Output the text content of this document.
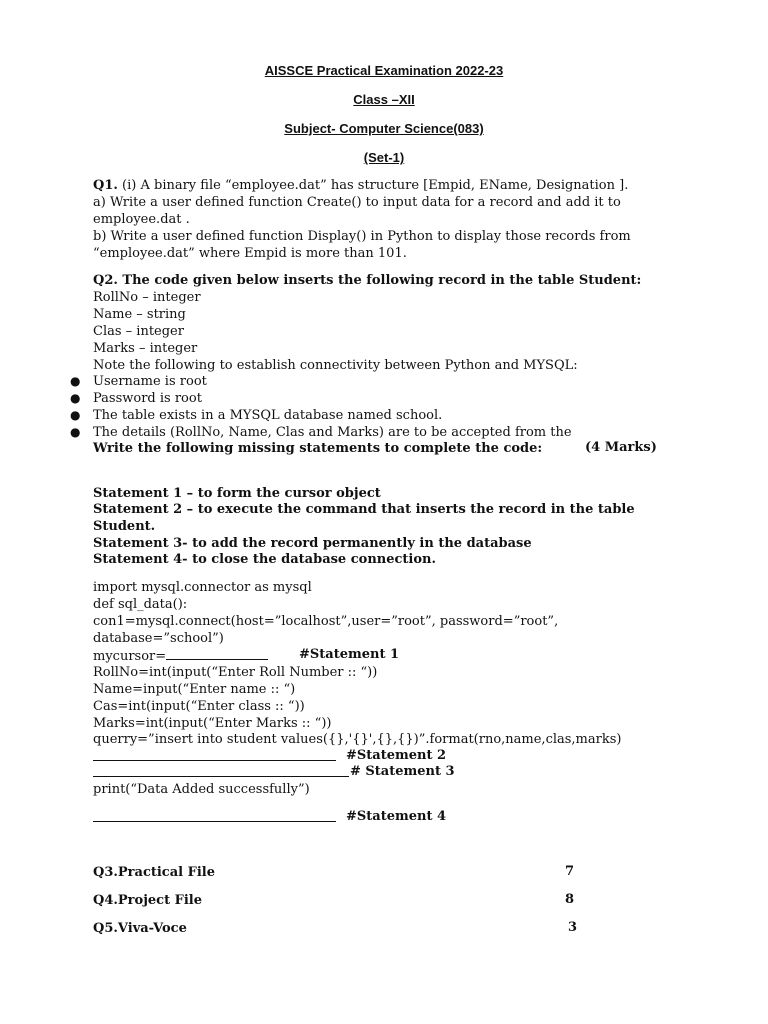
AISSCE Practical Examination 2022-23
Class –XII
Subject- Computer Science(083)
(Set-1)
Q1. (i) A binary file “employee.dat” has structure [Empid, EName, Designation ].
a) Write a user defined function Create() to input data for a record and add it to
employee.dat .
b) Write a user defined function Display() in Python to display those records from
“employee.dat” where Empid is more than 101.
Q2. The code given below inserts the following record in the table Student:
RollNo – integer
Name – string
Clas – integer
Marks – integer
Note the following to establish connectivity between Python and MYSQL:
● Username is root
● Password is root
● The table exists in a MYSQL database named school.
● The details (RollNo, Name, Clas and Marks) are to be accepted from the
Write the following missing statements to complete the code:	(4 Marks)
Statement 1 – to form the cursor object
Statement 2 – to execute the command that inserts the record in the table
Student.
Statement 3- to add the record permanently in the database
Statement 4- to close the database connection.
import mysql.connector as mysql
def sql_data():
con1=mysql.connect(host=”localhost”,user=”root”, password=”root”,
database=”school”)
mycursor=	#Statement 1
RollNo=int(input(“Enter Roll Number :: “))
Name=input(“Enter name :: “)
Cas=int(input(“Enter class :: “))
Marks=int(input(“Enter Marks :: “))
querry=”insert into student values({},'{}',{},{})”.format(rno,name,clas,marks)
#Statement 2
# Statement 3
print(“Data Added successfully”)
#Statement 4
Q3.Practical File	7
Q4.Project File	8
Q5.Viva-Voce	3
